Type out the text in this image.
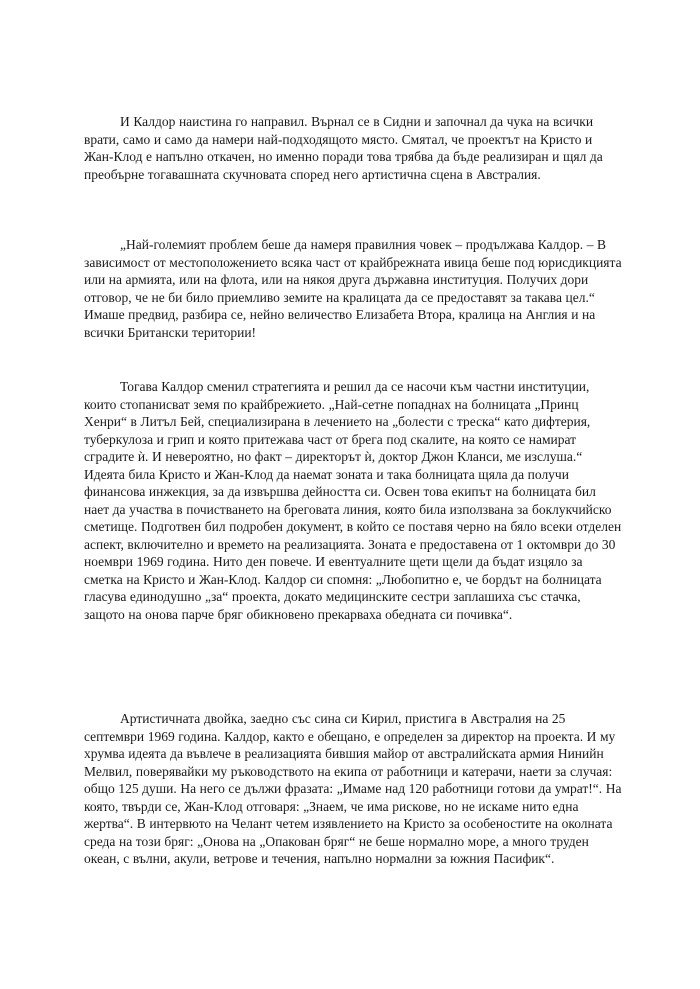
И Калдор наистина го направил. Върнал се в Сидни и започнал да чука на всички врати, само и само да намери най-подходящото място. Смятал, че проектът на Кристо и Жан-Клод е напълно откачен, но именно поради това трябва да бъде реализиран и щял да преобърне тогавашната скучновата според него артистична сцена в Австралия.

„Най-големият проблем беше да намеря правилния човек – продължава Калдор. – В зависимост от местоположението всяка част от крайбрежната ивица беше под юрисдикцията или на армията, или на флота, или на някоя друга държавна институция. Получих дори отговор, че не би било приемливо земите на кралицата да се предоставят за такава цел.“ Имаше предвид, разбира се, нейно величество Елизабета Втора, кралица на Англия и на всички Британски територии!

Тогава Калдор сменил стратегията и решил да се насочи към частни институции, които стопанисват земя по крайбрежието. „Най-сетне попаднах на болницата „Принц Хенри“ в Литъл Бей, специализирана в лечението на „болести с треска“ като дифтерия, туберкулоза и грип и която притежава част от брега под скалите, на която се намират сградите ѝ. И невероятно, но факт – директорът ѝ, доктор Джон Кланси, ме изслуша.“ Идеята била Кристо и Жан-Клод да наемат зоната и така болницата щяла да получи финансова инжекция, за да извършва дейността си. Освен това екипът на болницата бил нает да участва в почистването на бреговата линия, която била използвана за боклукчийско сметище. Подготвен бил подробен документ, в който се поставя черно на бяло всеки отделен аспект, включително и времето на реализацията. Зоната е предоставена от 1 октомври до 30 ноември 1969 година. Нито ден повече. И евентуалните щети щели да бъдат изцяло за сметка на Кристо и Жан-Клод. Калдор си спомня: „Любопитно е, че бордът на болницата гласува единодушно „за“ проекта, докато медицинските сестри заплашиха със стачка, защото на онова парче бряг обикновено прекарваха обедната си почивка“.

Артистичната двойка, заедно със сина си Кирил, пристига в Австралия на 25 септември 1969 година. Калдор, както е обещано, е определен за директор на проекта. И му хрумва идеята да въвлече в реализацията бившия майор от австралийската армия Нинийн Мелвил, поверявайки му ръководството на екипа от работници и катерачи, наети за случая: общо 125 души. На него се дължи фразата: „Имаме над 120 работници готови да умрат!“. На която, твърди се, Жан-Клод отговаря: „Знаем, че има рискове, но не искаме нито една жертва“. В интервюто на Челант четем изявлението на Кристо за особеностите на околната среда на този бряг: „Онова на „Опакован бряг“ не беше нормално море, а много труден океан, с вълни, акули, ветрове и течения, напълно нормални за южния Пасифик“.
